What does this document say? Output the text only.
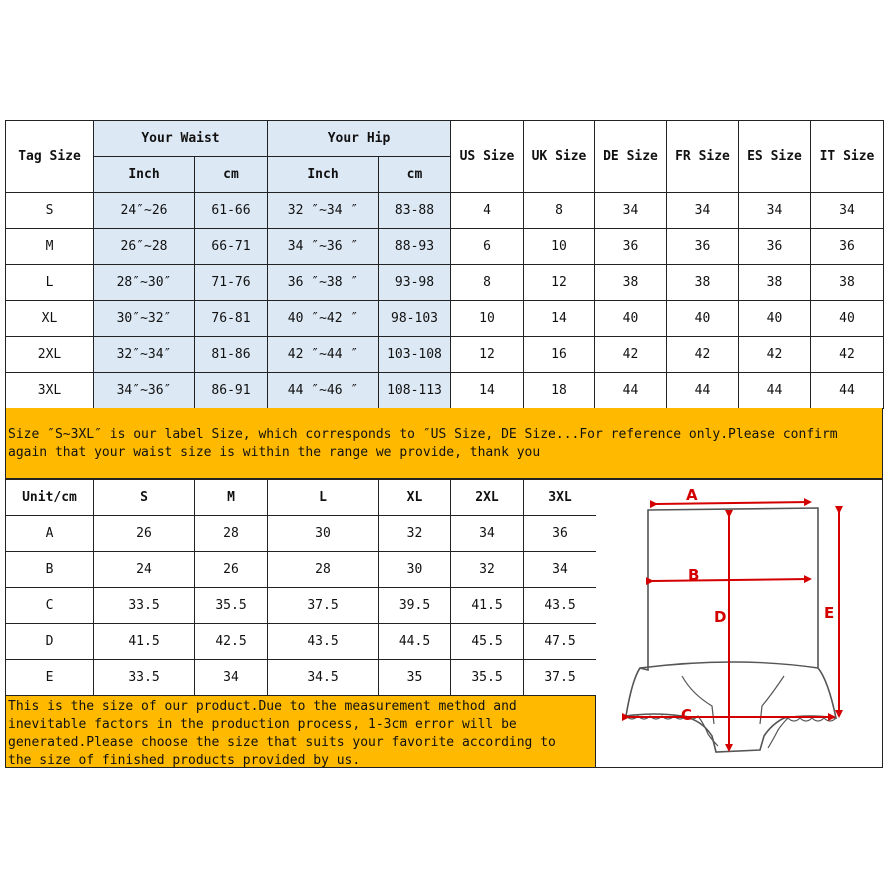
Tag Size	Your Waist		Your Hip		US Size	UK Size	DE Size	FR Size	ES Size	IT Size
	Inch	cm	Inch	cm						
S	24″~26	61-66	32 ″~34 ″	83-88	4	8	34	34	34	34
M	26″~28	66-71	34 ″~36 ″	88-93	6	10	36	36	36	36
L	28″~30″	71-76	36 ″~38 ″	93-98	8	12	38	38	38	38
XL	30″~32″	76-81	40 ″~42 ″	98-103	10	14	40	40	40	40
2XL	32″~34″	81-86	42 ″~44 ″	103-108	12	16	42	42	42	42
3XL	34″~36″	86-91	44 ″~46 ″	108-113	14	18	44	44	44	44
Size ″S~3XL″ is our label Size, which corresponds to ″US Size, DE Size...For reference only.Please confirm again that your waist size is within the range we provide, thank you
Unit/cm	S	M	L	XL	2XL	3XL
A	26	28	30	32	34	36
B	24	26	28	30	32	34
C	33.5	35.5	37.5	39.5	41.5	43.5
D	41.5	42.5	43.5	44.5	45.5	47.5
E	33.5	34	34.5	35	35.5	37.5
This is the size of our product.Due to the measurement method and
inevitable factors in the production process, 1-3cm error will be
generated.Please choose the size that suits your favorite according to
the size of finished products provided by us.
A
B
C
D	E
